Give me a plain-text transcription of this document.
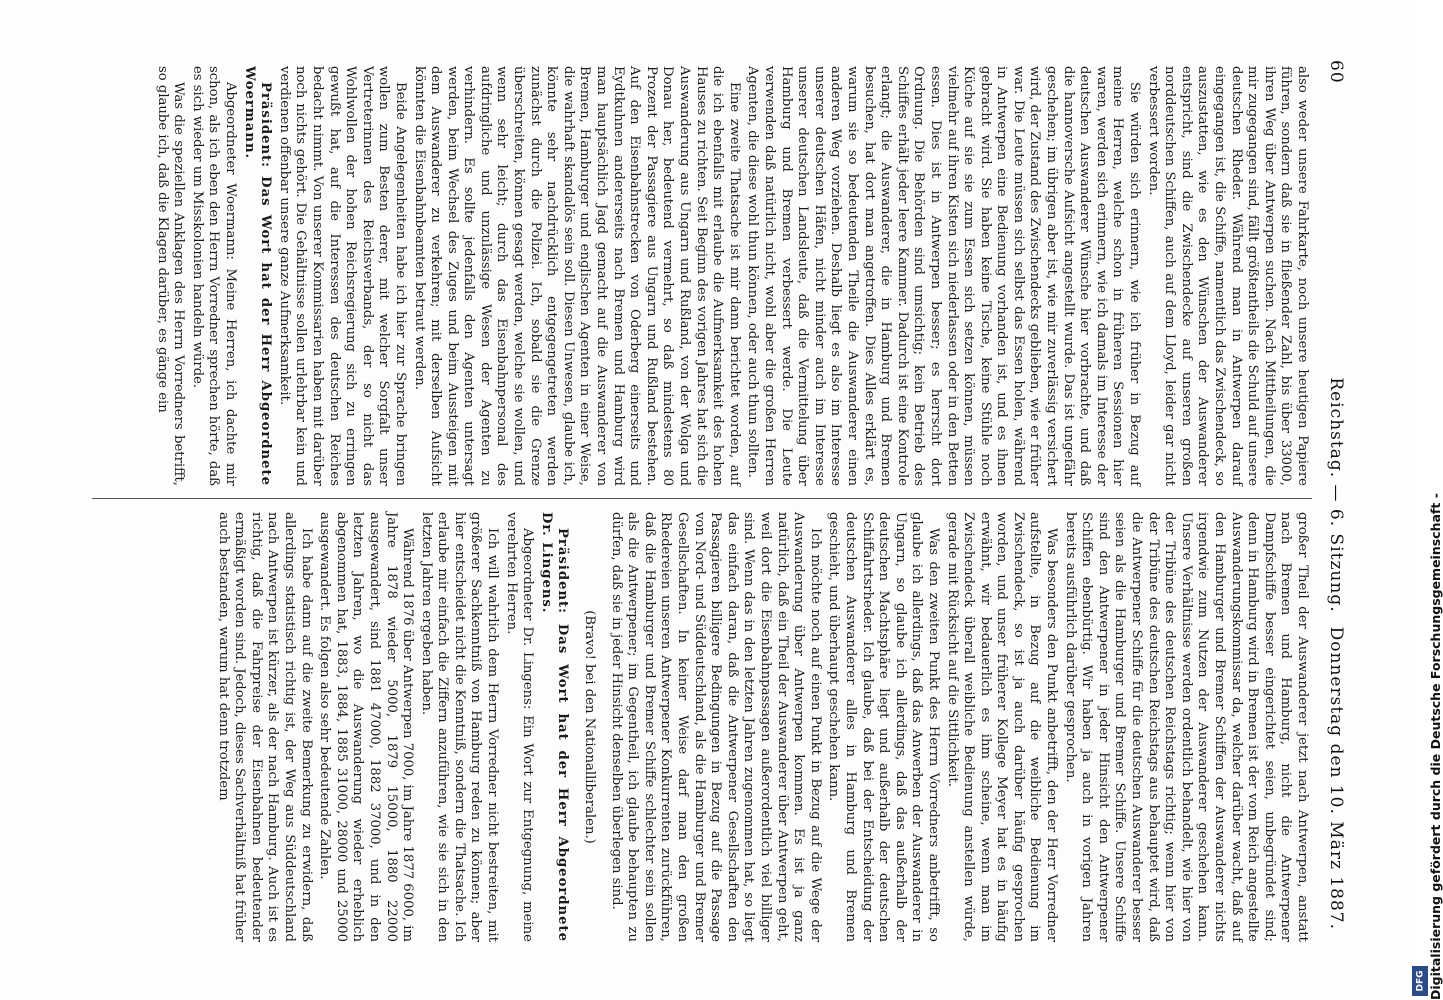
60
Reichstag. — 6. Sitzung.
Donnerstag den 10. März 1887.

also weder unsere Fahrkarte, noch unsere heutigen Papiere führen, sondern daß sie in fließender Zahl, bis über 33000, ihren Weg über Antwerpen suchen. Nach Mittheilungen, die mir zugegangen sind, fällt größtentheils die Schuld auf unsere deutschen Rheder. Während man in Antwerpen darauf eingegangen ist, die Schiffe, namentlich das Zwischendeck, so auszustatten, wie es den Wünschen der Auswanderer entspricht, sind die Zwischendecke auf unseren großen norddeutschen Schiffen, auch auf dem Lloyd, leider gar nicht verbessert worden.

Sie würden sich erinnern, wie ich früher in Bezug auf meine Herren, welche schon in früheren Sessionen hier waren, werden sich erinnern, wie ich damals im Interesse der deutschen Auswanderer Wünsche hier vorbrachte, und daß die hannoversche Aufsicht angestellt wurde. Das ist ungefähr geschehen; im übrigen aber ist, wie mir zuverlässig versichert wird, der Zustand des Zwischendecks geblieben, wie er früher war. Die Leute müssen sich selbst das Essen holen, während in Antwerpen eine Bedienung vorhanden ist, und es ihnen gebracht wird. Sie haben keine Tische, keine Stühle noch Küche auf sie sie zum Essen sich setzen können, müssen vielmehr auf ihren Kisten sich niederlassen oder in den Betten essen. Dies ist in Antwerpen besser; es herrscht dort Ordnung. Die Behörden sind umsichtig; kein Betrieb des Schiffes erhält jeder leere Kammer. Dadurch ist eine Kontrole erlangt; die Auswanderer, die in Hamburg und Bremen besuchen, hat dort man angetroffen. Dies Alles erklärt es, warum sie so bedeutenden Theile die Auswanderer einen anderen Weg vorziehen. Deshalb liegt es also im Interesse unserer deutschen Häfen, nicht minder auch im Interesse unserer deutschen Landsleute, daß die Vermittelung über Hamburg und Bremen verbessert werde. Die Leute verwenden daß natürlich nicht, wohl aber die großen Herren Agenten, die diese wohl thun können, oder auch thun sollten.

Eine zweite Thatsache ist mir dann berichtet worden, auf die ich ebenfalls mit erlaube die Aufmerksamkeit des hohen Hauses zu richten. Seit Beginn des vorigen Jahres hat sich die Auswanderung aus Ungarn und Rußland, von der Wolga und Donau her, bedeutend vermehrt, so daß mindestens 80 Prozent der Passagiere aus Ungarn und Rußland bestehen. Auf den Eisenbahnstrecken von Oderberg einerseits und Eydtkuhnen andererseits nach Bremen und Hamburg wird man hauptsächlich Jagd gemacht auf die Auswanderer von Bremen, Hamburger und englischen Agenten in einer Weise, die wahrhaft skandalös sein soll. Diesen Unwesen, glaube ich, könnte sehr nachdrücklich entgegengetreten werden zunächst durch die Polizei. Ich, sobald sie die Grenze überschreiten, können gesagt werden, welche sie wollen, und wenn sehr leicht; durch das Eisenbahnpersonal des aufdringliche und unzulässige Wesen der Agenten zu verhindern. Es sollte jedenfalls den Agenten untersagt werden, beim Wechsel des Zuges und beim Aussteigen mit dem Auswanderer zu verkehren; mit derselben Aufsicht könnten die Eisenbahnbeamten betraut werden.

Beide Angelegenheiten habe ich hier zur Sprache bringen wollen zum Besten derer, mit welcher Sorgfalt unser Vertreterinnen des Reichsverbands, der so nicht das Wohlwollen der hohen Reichsregierung sich zu erringen gewußt hat, auf die Interessen des deutschen Reiches bedacht nimmt. Von unserer Kommissarien haben mit darüber noch nichts gehört. Die Gehältnisse sollen urlehrbar kein und verdienen offenbar unsere ganze Aufmerksamkeit.

Präsident: Das Wort hat der Herr Abgeordnete Woermann.

Abgeordneter Woermann: Meine Herren, ich dachte mir schon, als ich eben den Herrn Vorredner sprechen hörte, daß es sich wieder um Misskolonien handeln würde.

Was die speziellen Anklagen des Herrn Vorredners betrifft, so glaube ich, daß die Klagen darüber, es gänge ein

großer Theil der Auswanderer jetzt nach Antwerpen, anstatt nach Bremen und Hamburg, nicht die Antwerpener Dampfschiffe besser eingerichtet seien, unbegründet sind; denn in Hamburg wird in Bremen ist der vom Reich angestellte Auswanderungskommissar da, welcher darüber wacht, daß auf den Hamburger und Bremer Schiffen der Auswanderer nichts irgendwie zum Nutzen der Auswanderer geschehen kann. Unsere Verhältnisse werden ordentlich behandelt, wie hier von der Tribüne des deutschen Reichstags richtig; wenn hier von der Tribüne des deutschen Reichstags aus behauptet wird, daß die Antwerpener Schiffe für die deutschen Auswanderer besser seien als die Hamburger und Bremer Schiffe. Unsere Schiffe sind den Antwerpener in jeder Hinsicht den Antwerpener Schiffen ebenbürtig. Wir haben ja auch in vorigen Jahren bereits ausführlich darüber gesprochen.

Was besonders den Punkt anbetrifft, den der Herr Vorredner aufstellte, in Bezug auf die weibliche Bedienung im Zwischendeck, so ist ja auch darüber häufig gesprochen worden, und unser früherer Kollege Meyer hat es in häufig erwähnt, wir bedauerlich es ihm scheine, wenn man im Zwischendeck überall weibliche Bedienung anstellen würde, gerade mit Rücksicht auf die Sittlichkeit.

Was den zweiten Punkt des Herrn Vorredners anbetrifft, so glaube ich allerdings, daß das Anwerben der Auswanderer in Ungarn, so glaube ich allerdings, daß das außerhalb der deutschen Machtsphäre liegt und außerhalb der deutschen Schiffahrtsrheder. Ich glaube, daß bei der Entscheidung der deutschen Auswanderer alles in Hamburg und Bremen geschieht, und überhaupt geschehen kann.

Ich möchte noch auf einen Punkt in Bezug auf die Wege der Auswanderung über Antwerpen kommen. Es ist ja ganz natürlich, daß ein Theil der Auswanderer über Antwerpen geht, weil dort die Eisenbahnpassagen außerordentlich viel billiger sind. Wenn das in den letzten Jahren zugenommen hat, so liegt das einfach daran, daß die Antwerpener Gesellschaften den Passagieren billigere Bedingungen in Bezug auf die Passage von Nord- und Süddeutschland, als die Hamburger und Bremer Gesellschaften. In keiner Weise darf man den großen Rhedereien unseren Antwerpener Konkurrenten zurückführen, daß die Hamburger und Bremer Schiffe schlechter sein sollen als die Antwerpener; im Gegentheil, ich glaube behaupten zu dürfen, daß sie in jeder Hinsicht denselben überlegen sind.

(Bravo! bei den Nationalliberalen.)

Präsident: Das Wort hat der Herr Abgeordnete Dr. Lingens.

Abgeordneter Dr. Lingens: Ein Wort zur Entgegnung, meine verehrten Herren.

Ich will wahrlich dem Herrn Vorredner nicht bestreiten, mit größerer Sachkenntniß von Hamburg reden zu können; aber hier entscheidet nicht die Kenntniß, sondern die Thatsache. Ich erlaube mir einfach die Ziffern anzuführen, wie sie sich in den letzten Jahren ergeben haben.

Während 1876 über Antwerpen 7000, im Jahre 1877 6000, im Jahre 1878 wieder 5000, 1879 15000, 1880 22000 ausgewandert, sind 1881 47000, 1882 37000, und in den letzten Jahren, wo die Auswanderung wieder erheblich abgenommen hat, 1883, 1884, 1885 31000, 28000 und 25000 ausgewandert. Es folgen also sehr bedeutende Zahlen.

Ich habe dann auf die zweite Bemerkung zu erwidern, daß allerdings statistisch richtig ist, der Weg aus Süddeutschland nach Antwerpen ist kürzer, als der nach Hamburg. Auch ist es richtig, daß die Fahrpreise der Eisenbahnen bedeutender ermäßigt worden sind. Jedoch, dieses Sachverhältniß hat früher auch bestanden, warum hat denn trotzdem	Digitalisierung gefördert durch die Deutsche Forschungsgemeinschaft -
DFG
